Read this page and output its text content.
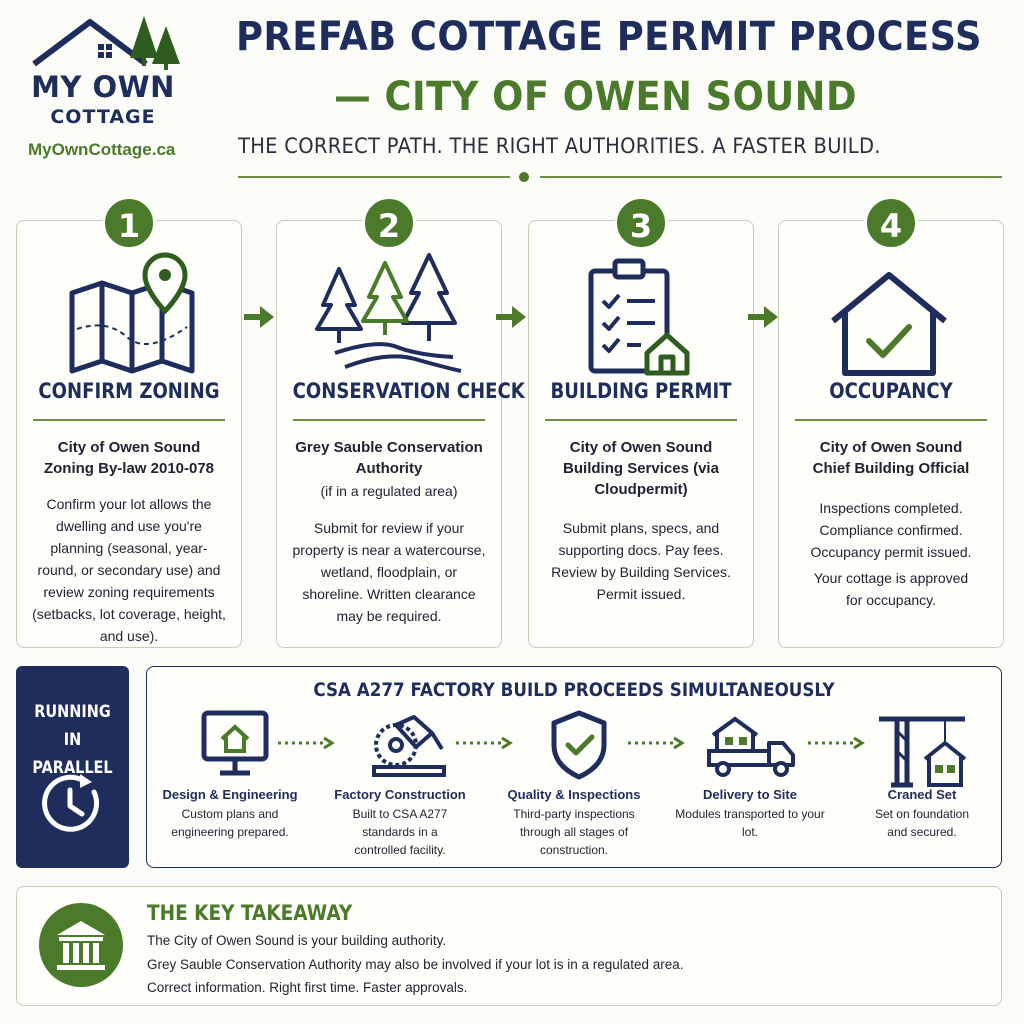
MY OWN
COTTAGE
MyOwnCottage.ca
PREFAB COTTAGE PERMIT PROCESS
— CITY OF OWEN SOUND
THE CORRECT PATH. THE RIGHT AUTHORITIES. A FASTER BUILD.
CONFIRM ZONING
City of Owen Sound Zoning By-law 2010-078
Confirm your lot allows the dwelling and use you're planning (seasonal, year-round, or secondary use) and review zoning requirements (setbacks, lot coverage, height, and use).
1
CONSERVATION CHECK
Grey Sauble Conservation Authority
(if in a regulated area)
Submit for review if your property is near a watercourse, wetland, floodplain, or shoreline. Written clearance may be required.
2
BUILDING PERMIT
City of Owen Sound Building Services (via Cloudpermit)
Submit plans, specs, and supporting docs. Pay fees. Review by Building Services. Permit issued.
3
OCCUPANCY
City of Owen Sound Chief Building Official
Inspections completed. Compliance confirmed. Occupancy permit issued.
Your cottage is approved for occupancy.
4
RUNNING
IN PARALLEL
CSA A277 FACTORY BUILD PROCEEDS SIMULTANEOUSLY
Design & Engineering
Custom plans and engineering prepared.
Factory Construction
Built to CSA A277 standards in a controlled facility.
Quality & Inspections
Third-party inspections through all stages of construction.
Delivery to Site
Modules transported to your lot.
Craned Set
Set on foundation and secured.
THE KEY TAKEAWAY
The City of Owen Sound is your building authority.
Grey Sauble Conservation Authority may also be involved if your lot is in a regulated area.
Correct information. Right first time. Faster approvals.
